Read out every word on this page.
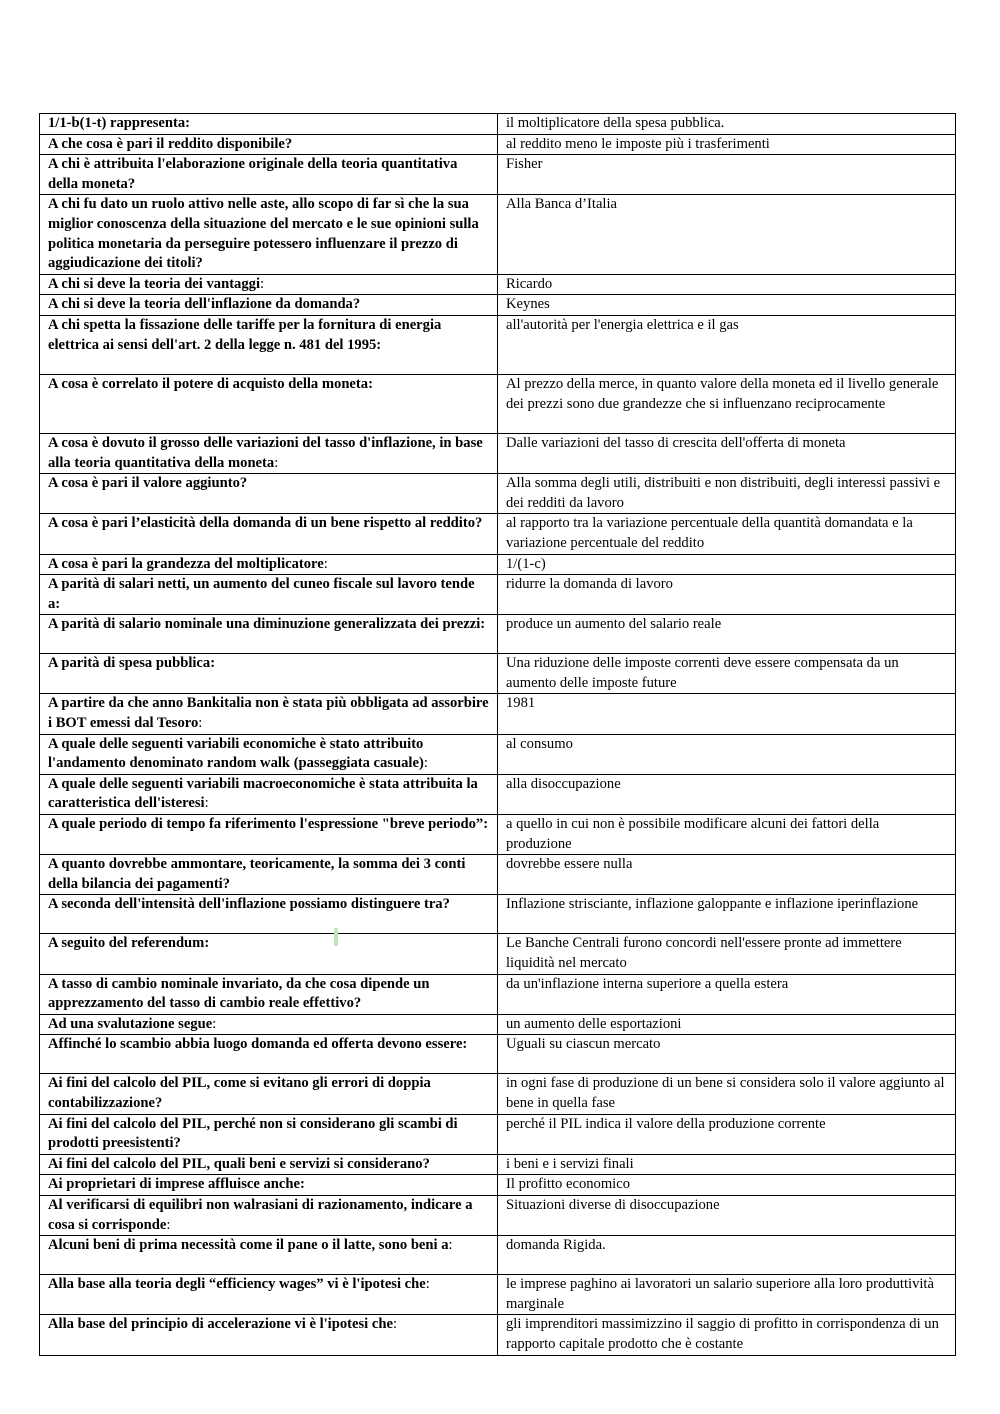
1/1-b(1-t) rappresenta:	il moltiplicatore della spesa pubblica.
A che cosa è pari il reddito disponibile?	al reddito meno le imposte più i trasferimenti
A chi è attribuita l'elaborazione originale della teoria quantitativa della moneta?	Fisher
A chi fu dato un ruolo attivo nelle aste, allo scopo di far sì che la sua miglior conoscenza della situazione del mercato e le sue opinioni sulla politica monetaria da perseguire potessero influenzare il prezzo di aggiudicazione dei titoli?	Alla Banca d’Italia
A chi si deve la teoria dei vantaggi:	Ricardo
A chi si deve la teoria dell'inflazione da domanda?	Keynes
A chi spetta la fissazione delle tariffe per la fornitura di energia elettrica ai sensi dell'art. 2 della legge n. 481 del 1995:	all'autorità per l'energia elettrica e il gas
A cosa è correlato il potere di acquisto della moneta:	Al prezzo della merce, in quanto valore della moneta ed il livello generale dei prezzi sono due grandezze che si influenzano reciprocamente
A cosa è dovuto il grosso delle variazioni del tasso d'inflazione, in base alla teoria quantitativa della moneta:	Dalle variazioni del tasso di crescita dell'offerta di moneta
A cosa è pari il valore aggiunto?	Alla somma degli utili, distribuiti e non distribuiti, degli interessi passivi e dei redditi da lavoro
A cosa è pari l’elasticità della domanda di un bene rispetto al reddito?	al rapporto tra la variazione percentuale della quantità domandata e la variazione percentuale del reddito
A cosa è pari la grandezza del moltiplicatore:	1/(1-c)
A parità di salari netti, un aumento del cuneo fiscale sul lavoro tende a:	ridurre la domanda di lavoro
A parità di salario nominale una diminuzione generalizzata dei prezzi:	produce un aumento del salario reale
A parità di spesa pubblica:	Una riduzione delle imposte correnti deve essere compensata da un aumento delle imposte future
A partire da che anno Bankitalia non è stata più obbligata ad assorbire i BOT emessi dal Tesoro:	1981
A quale delle seguenti variabili economiche è stato attribuito l'andamento denominato random walk (passeggiata casuale):	al consumo
A quale delle seguenti variabili macroeconomiche è stata attribuita la caratteristica dell'isteresi:	alla disoccupazione
A quale periodo di tempo fa riferimento l'espressione "breve periodo”:	a quello in cui non è possibile modificare alcuni dei fattori della produzione
A quanto dovrebbe ammontare, teoricamente, la somma dei 3 conti della bilancia dei pagamenti?	dovrebbe essere nulla
A seconda dell'intensità dell'inflazione possiamo distinguere tra?	Inflazione strisciante, inflazione galoppante e inflazione iperinflazione
A seguito del referendum:	Le Banche Centrali furono concordi nell'essere pronte ad immettere liquidità nel mercato
A tasso di cambio nominale invariato, da che cosa dipende un apprezzamento del tasso di cambio reale effettivo?	da un'inflazione interna superiore a quella estera
Ad una svalutazione segue:	un aumento delle esportazioni
Affinché lo scambio abbia luogo domanda ed offerta devono essere:	Uguali su ciascun mercato
Ai fini del calcolo del PIL, come si evitano gli errori di doppia contabilizzazione?	in ogni fase di produzione di un bene si considera solo il valore aggiunto al bene in quella fase
Ai fini del calcolo del PIL, perché non si considerano gli scambi di prodotti preesistenti?	perché il PIL indica il valore della produzione corrente
Ai fini del calcolo del PIL, quali beni e servizi si considerano?	i beni e i servizi finali
Ai proprietari di imprese affluisce anche:	Il profitto economico
Al verificarsi di equilibri non walrasiani di razionamento, indicare a cosa si corrisponde:	Situazioni diverse di disoccupazione
Alcuni beni di prima necessità come il pane o il latte, sono beni a:	domanda Rigida.
Alla base alla teoria degli “efficiency wages” vi è l'ipotesi che:	le imprese paghino ai lavoratori un salario superiore alla loro produttività marginale
Alla base del principio di accelerazione vi è l'ipotesi che:	gli imprenditori massimizzino il saggio di profitto in corrispondenza di un rapporto capitale prodotto che è costante
